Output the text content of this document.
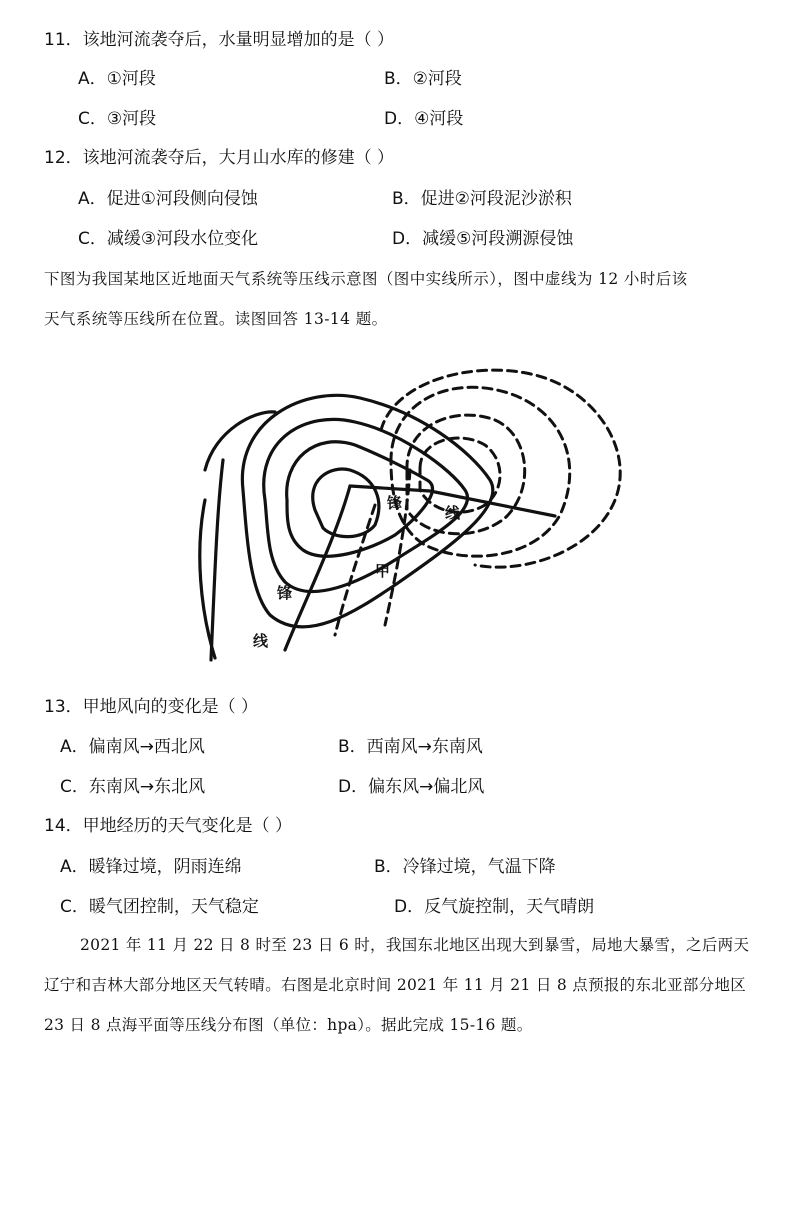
11．该地河流袭夺后，水量明显增加的是（ ）
A．①河段	B．②河段
C．③河段	D．④河段
12．该地河流袭夺后，大月山水库的修建（ ）
A．促进①河段侧向侵蚀	B．促进②河段泥沙淤积
C．减缓③河段水位变化	D．减缓⑤河段溯源侵蚀
下图为我国某地区近地面天气系统等压线示意图（图中实线所示），图中虚线为 12 小时后该
天气系统等压线所在位置。读图回答 13-14 题。
锋
线
锋
线
甲
13．甲地风向的变化是（ ）
A．偏南风→西北风	B．西南风→东南风
C．东南风→东北风	D．偏东风→偏北风
14．甲地经历的天气变化是（ ）
A．暖锋过境，阴雨连绵	B．冷锋过境，气温下降
C．暖气团控制，天气稳定	D．反气旋控制，天气晴朗
2021 年 11 月 22 日 8 时至 23 日 6 时，我国东北地区出现大到暴雪，局地大暴雪，之后两天辽宁和吉林大部分地区天气转晴。右图是北京时间 2021 年 11 月 21 日 8 点预报的东北亚部分地区 23 日 8 点海平面等压线分布图（单位：hpa）。据此完成 15-16 题。
